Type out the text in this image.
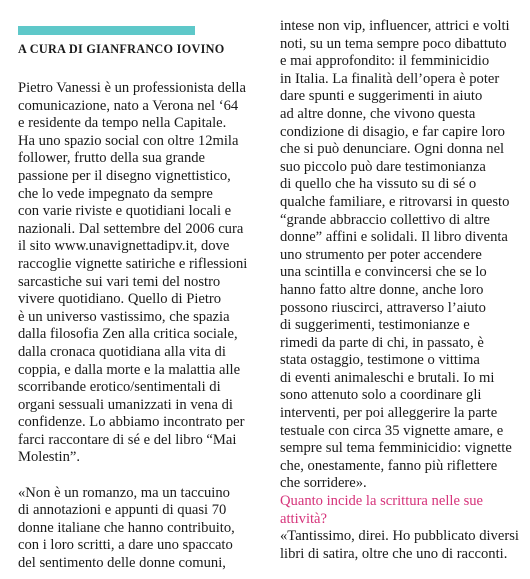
A CURA DI GIANFRANCO IOVINO
Pietro Vanessi è un professionista della
comunicazione, nato a Verona nel ‘64
e residente da tempo nella Capitale.
Ha uno spazio social con oltre 12mila
follower, frutto della sua grande
passione per il disegno vignettistico,
che lo vede impegnato da sempre
con varie riviste e quotidiani locali e
nazionali. Dal settembre del 2006 cura
il sito www.unavignettadipv.it, dove
raccoglie vignette satiriche e riflessioni
sarcastiche sui vari temi del nostro
vivere quotidiano. Quello di Pietro
è un universo vastissimo, che spazia
dalla filosofia Zen alla critica sociale,
dalla cronaca quotidiana alla vita di
coppia, e dalla morte e la malattia alle
scorribande erotico/sentimentali di
organi sessuali umanizzati in vena di
confidenze. Lo abbiamo incontrato per
farci raccontare di sé e del libro “Mai
Molestin”.
«Non è un romanzo, ma un taccuino
di annotazioni e appunti di quasi 70
donne italiane che hanno contribuito,
con i loro scritti, a dare uno spaccato
del sentimento delle donne comuni,
intese non vip, influencer, attrici e volti
noti, su un tema sempre poco dibattuto
e mai approfondito: il femminicidio
in Italia. La finalità dell’opera è poter
dare spunti e suggerimenti in aiuto
ad altre donne, che vivono questa
condizione di disagio, e far capire loro
che si può denunciare. Ogni donna nel
suo piccolo può dare testimonianza
di quello che ha vissuto su di sé o
qualche familiare, e ritrovarsi in questo
“grande abbraccio collettivo di altre
donne” affini e solidali. Il libro diventa
uno strumento per poter accendere
una scintilla e convincersi che se lo
hanno fatto altre donne, anche loro
possono riuscirci, attraverso l’aiuto
di suggerimenti, testimonianze e
rimedi da parte di chi, in passato, è
stata ostaggio, testimone o vittima
di eventi animaleschi e brutali. Io mi
sono attenuto solo a coordinare gli
interventi, per poi alleggerire la parte
testuale con circa 35 vignette amare, e
sempre sul tema femminicidio: vignette
che, onestamente, fanno più riflettere
che sorridere».
Quanto incide la scrittura nelle sue
attività?
«Tantissimo, direi. Ho pubblicato diversi
libri di satira, oltre che uno di racconti.
